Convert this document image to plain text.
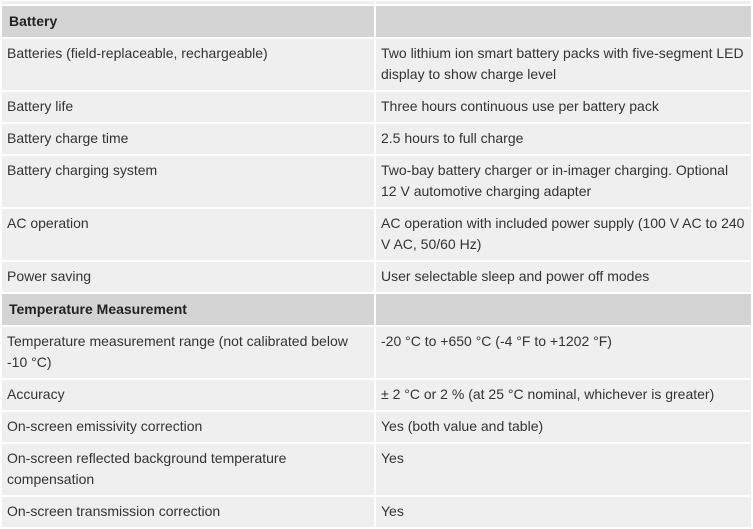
Battery	
Batteries (field-replaceable, rechargeable)	Two lithium ion smart battery packs with five-segment LED display to show charge level
Battery life	Three hours continuous use per battery pack
Battery charge time	2.5 hours to full charge
Battery charging system	Two-bay battery charger or in-imager charging. Optional 12 V automotive charging adapter
AC operation	AC operation with included power supply (100 V AC to 240 V AC, 50/60 Hz)
Power saving	User selectable sleep and power off modes
Temperature Measurement	
Temperature measurement range (not calibrated below -10 °C)	-20 °C to +650 °C (-4 °F to +1202 °F)
Accuracy	± 2 °C or 2 % (at 25 °C nominal, whichever is greater)
On-screen emissivity correction	Yes (both value and table)
On-screen reflected background temperature compensation	Yes
On-screen transmission correction	Yes
